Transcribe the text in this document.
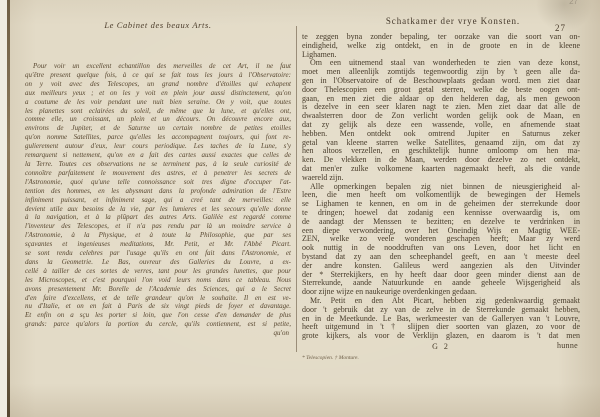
27
Le Cabinet des beaux Arts.
Pour voir un excellent echantillon des merveilles de cet Art, il ne faut
qu'être present quelque fois, à ce qui se fait tous les jours à l'Observatoire:
on y voit avec des Telescopes, un grand nombre d'étoilles qui echapent
aux meilleurs yeux ; et on les y voit en plein jour aussi distinctement, qu'on
a coutume de les voir pendant une nuit bien seraine. On y voit, que toutes
les planettes sont eclairées du soleil, de même que la lune, et qu'elles ont,
comme elle, un croissant, un plein et un décours. On découvre encore aux,
environs de Jupiter, et de Saturne un certain nombre de petites etoilles
qu'on nomme Satellites, parce qu'elles les accompagnent toujours, qui font re-
gulierement autour d'eux, leur cours periodique. Les taches de la Lune, s'y
remarquent si nettement, qu'on en a fait des cartes aussi exactes que celles de
la Terre. Toutes ces observations ne se terminent pas, à la seule curiosité de
connoître parfaitement le mouvement des astres, et à penetrer les secrets de
l'Astronomie, quoi qu'une telle connoissance soit tres digne d'occuper l'at-
tention des hommes, en les abysmant dans la profonde admiration de l'Estre
infiniment puissant, et infiniment sage, qui a creé tant de merveilles: elle
devient utile aux besoins de la vie, par les lumieres et les secours qu'elle donne
à la navigation, et à la plûpart des autres Arts. Galilée est regardé comme
l'inventeur des Telescopes, et il n'a pas rendu par là un moindre service à
l'Astronomie, à la Physique, et à toute la Philosophie, que par ses
sçavantes et ingenieuses meditations, Mr. Petit, et Mr. l'Abbé Picart.
se sont rendu celebres par l'usage qu'ils en ont fait dans l'Astronomie, et
dans la Geometrie. Le Bas, ouvreur des Galleries du Louvre, a ex-
cellé à tailler de ces sortes de verres, tant pour les grandes lunettes, que pour
les Microscopes, et c'est pourquoi l'on void leurs noms dans ce tableau. Nous
avons presentement Mr. Borelle de l'Academie des Sciences, qui a le Secret
d'en faire d'excellens, et de telle grandeur qu'on le souhaite. Il en est ve-
nu d'Italie, et on en fait à Paris de six vingt pieds de foyer et davantage.
Et enfin on a sçu les porter si loin, que l'on cesse d'en demander de plus
grands: parce qu'alors la portion du cercle, qu'ils contiennent, est si petite,
qu'on
Schatkamer der vrye Konsten.
te zeggen byna zonder bepaling, ter oorzake van die soort van on-
eindigheid, welke zig ontdekt, en in de groote en in de kleene
Lighamen.
Om een uitnemend staal van wonderheden te zien van deze konst,
moet men alleenlijk zomtijds tegenwoordig zijn by 't geen alle da-
gen in l'Observatoire of de Beschouwplaats gedaan word. men ziet daar
door Thelescopien een groot getal sterren, welke de beste oogen ont-
gaan, en men ziet die aldaar op den helderen dag, als men gewoon
is dezelve in een seer klaren nagt te zien. Men ziet daar dat alle de
dwaalsterren door de Zon verlicht worden gelijk ook de Maan, en
dat zy gelijk als deze een wassende, volle, en afnemende staat
hebben. Men ontdekt ook omtrend Jupiter en Saturnus zeker
getal van kleene starren welke Satellites, genaamd zijn, om dat zy
hen altoos verzellen, en geschiktelijk hunne omloomp om hen ma-
ken. De vlekken in de Maan, werden door dezelve zo net ontdekt,
dat men'er zulke volkomene kaarten nagemaakt heeft, als die vande
waereld zijn.
Alle opmerkingen bepalen zig niet binnen de nieusgierigheid al-
leen, die men heeft om volkomentlijk de bewegingen der Hemels
se Lighamen te kennen, en om in de geheimen der sterrekunde door
te dringen; hoewel dat zodanig een kennisse overwaardig is, om
de aandagt der Menssen te bezitten; en dezelve te verdrinken in
een diepe verwondering, over het Oneindig Wijs en Magtig WEE-
ZEN, welke zo veele wonderen geschapen heeft; Maar zy werd
ook nuttig in de nooddruften van ons Leven, door het licht en
bystand dat zy aan den scheephandel geeft, en aan 't meeste deel
der andre konsten. Galileus werd aangezien als den Uitvinder
der * Sterrekijkers, en hy heeft daar door geen minder dienst aan de
Sterrekunde, aande Natuurkunde en aande geheele Wijsgerigheid als
door zijne wijze en naukeurige overdenkingen gedaan.
Mr. Petit en den Abt Picart, hebben zig gedenkwaardig gemaakt
door 't gebruik dat zy van de zelve in de Sterrekunde gemaakt hebben,
en in de Meetkunde. Le Bas, werkmeester van de Galleryen van 't Louvre,
heeft uitgemund in 't † slijpen dier soorten van glazen, zo voor de
grote kijkers, als voor de Verklijn glazen, en daarom is 't dat men
G 2	hunne
* Telescopien. † Monture.
27
